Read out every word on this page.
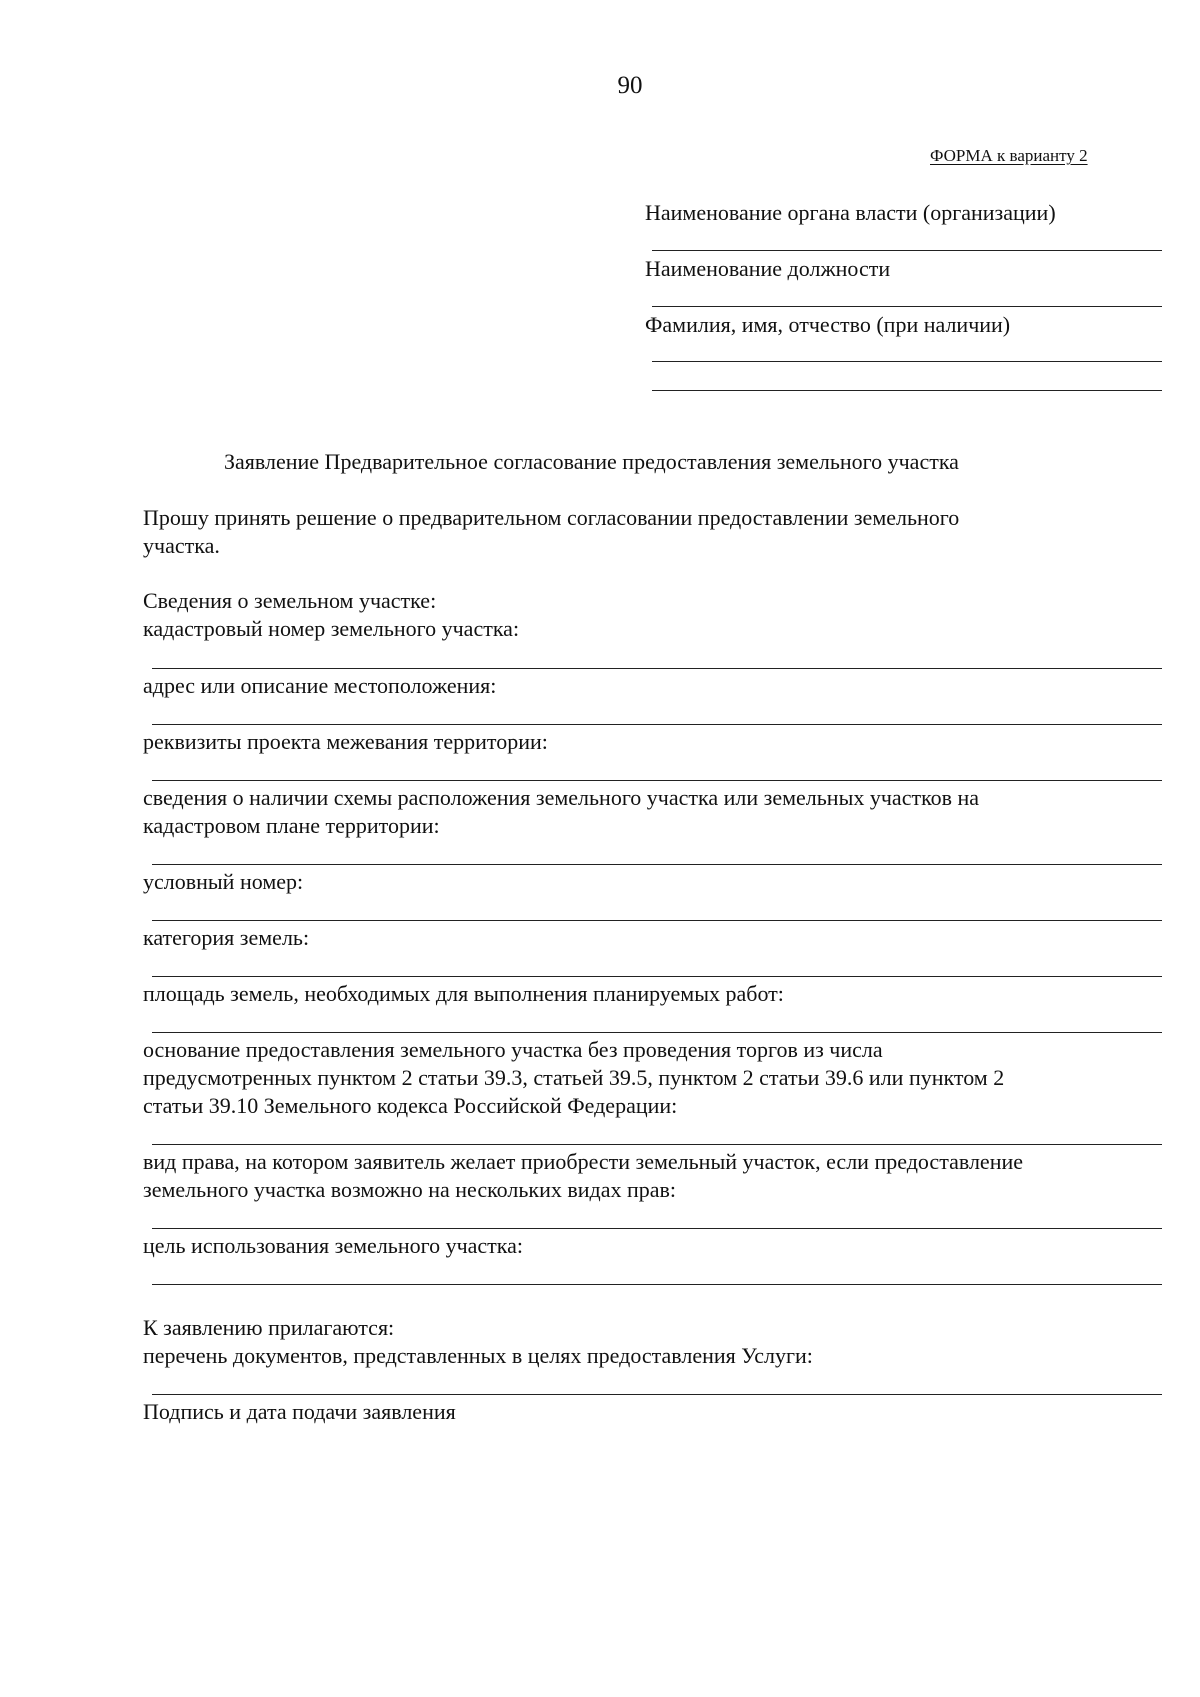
90
ФОРМА к варианту 2
Наименование органа власти (организации)
Наименование должности
Фамилия, имя, отчество (при наличии)
Заявление Предварительное согласование предоставления земельного участка
Прошу принять решение о предварительном согласовании предоставлении земельного
участка.
Сведения о земельном участке:
кадастровый номер земельного участка:
адрес или описание местоположения:
реквизиты проекта межевания территории:
сведения о наличии схемы расположения земельного участка или земельных участков на
кадастровом плане территории:
условный номер:
категория земель:
площадь земель, необходимых для выполнения планируемых работ:
основание предоставления земельного участка без проведения торгов из числа
предусмотренных пунктом 2 статьи 39.3, статьей 39.5, пунктом 2 статьи 39.6 или пунктом 2
статьи 39.10 Земельного кодекса Российской Федерации:
вид права, на котором заявитель желает приобрести земельный участок, если предоставление
земельного участка возможно на нескольких видах прав:
цель использования земельного участка:
К заявлению прилагаются:
перечень документов, представленных в целях предоставления Услуги:
Подпись и дата подачи заявления
